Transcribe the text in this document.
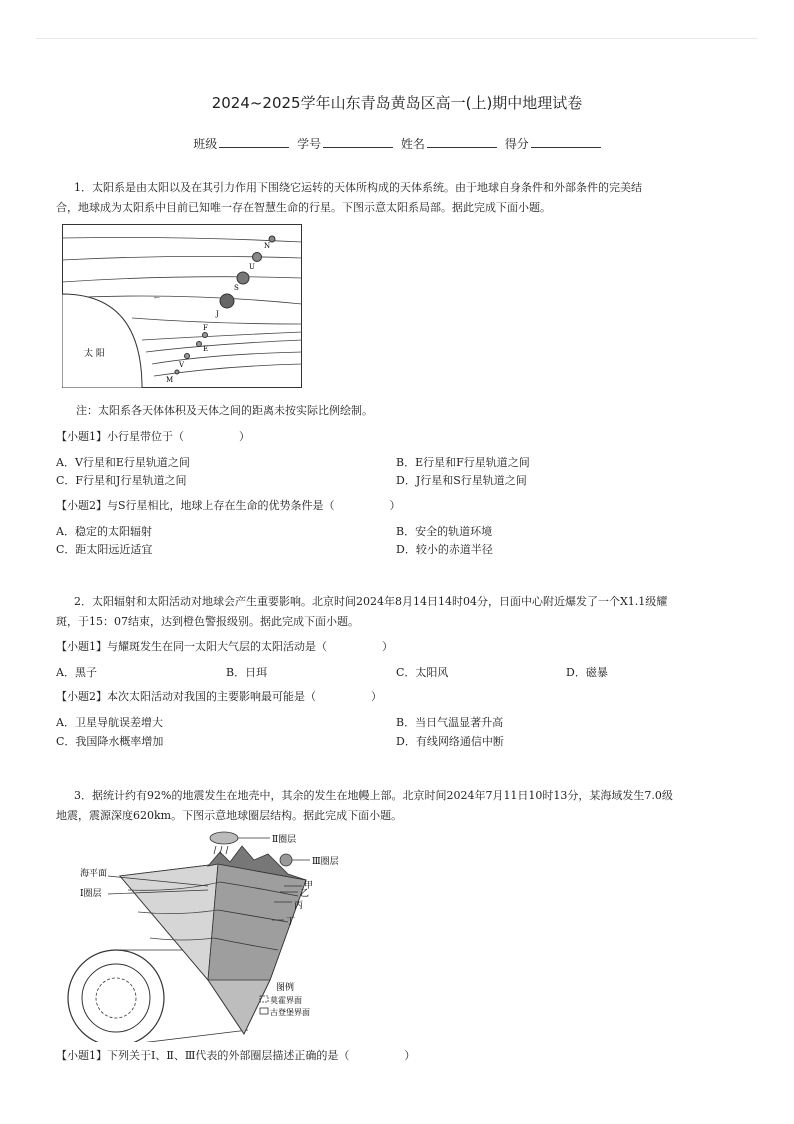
2024~2025学年山东青岛黄岛区高一(上)期中地理试卷
班级	学号	姓名	得分
1．太阳系是由太阳以及在其引力作用下围绕它运转的天体所构成的天体系统。由于地球自身条件和外部条件的完美结
合，地球成为太阳系中目前已知唯一存在智慧生命的行星。下图示意太阳系局部。据此完成下面小题。
太 阳
N
U
S
J
F
E
V
M
←
注：太阳系各天体体积及天体之间的距离未按实际比例绘制。
【小题1】小行星带位于（　　　　　）
A．V行星和E行星轨道之间	B．E行星和F行星轨道之间
C．F行星和J行星轨道之间	D．J行星和S行星轨道之间
【小题2】与S行星相比，地球上存在生命的优势条件是（　　　　　）
A．稳定的太阳辐射	B．安全的轨道环境
C．距太阳远近适宜	D．较小的赤道半径
2．太阳辐射和太阳活动对地球会产生重要影响。北京时间2024年8月14日14时04分，日面中心附近爆发了一个X1.1级耀
斑，于15：07结束，达到橙色警报级别。据此完成下面小题。
【小题1】与耀斑发生在同一太阳大气层的太阳活动是（　　　　　）
A．黑子	B．日珥	C．太阳风	D．磁暴
【小题2】本次太阳活动对我国的主要影响最可能是（　　　　　）
A．卫星导航误差增大	B．当日气温显著升高
C．我国降水概率增加	D．有线网络通信中断
3．据统计约有92%的地震发生在地壳中，其余的发生在地幔上部。北京时间2024年7月11日10时13分，某海域发生7.0级
地震，震源深度620km。下图示意地球圈层结构。据此完成下面小题。
Ⅱ圈层
Ⅲ圈层
海平面
Ⅰ圈层
甲
乙
丙
丁
图例
莫霍界面
古登堡界面
【小题1】下列关于Ⅰ、Ⅱ、Ⅲ代表的外部圈层描述正确的是（　　　　　）
